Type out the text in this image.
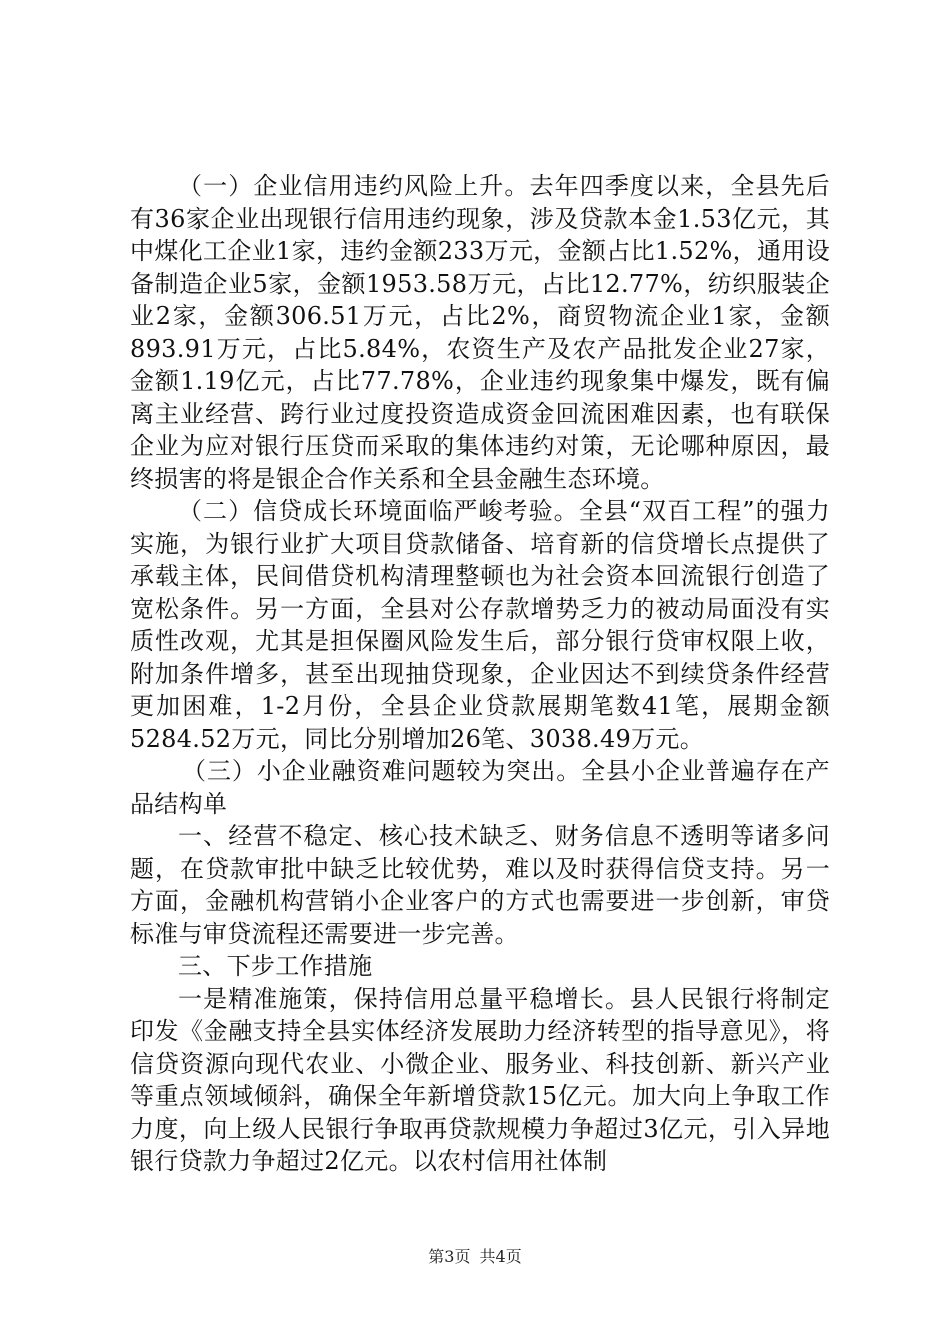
（一）企业信用违约风险上升。去年四季度以来，全县先后有36家企业出现银行信用违约现象，涉及贷款本金1.53亿元，其中煤化工企业1家，违约金额233万元，金额占比1.52%，通用设备制造企业5家，金额1953.58万元，占比12.77%，纺织服装企业2家，金额306.51万元，占比2%，商贸物流企业1家，金额893.91万元，占比5.84%，农资生产及农产品批发企业27家，金额1.19亿元，占比77.78%，企业违约现象集中爆发，既有偏离主业经营、跨行业过度投资造成资金回流困难因素，也有联保企业为应对银行压贷而采取的集体违约对策，无论哪种原因，最终损害的将是银企合作关系和全县金融生态环境。

（二）信贷成长环境面临严峻考验。全县“双百工程”的强力实施，为银行业扩大项目贷款储备、培育新的信贷增长点提供了承载主体，民间借贷机构清理整顿也为社会资本回流银行创造了宽松条件。另一方面，全县对公存款增势乏力的被动局面没有实质性改观，尤其是担保圈风险发生后，部分银行贷审权限上收，附加条件增多，甚至出现抽贷现象，企业因达不到续贷条件经营更加困难，1-2月份，全县企业贷款展期笔数41笔，展期金额5284.52万元，同比分别增加26笔、3038.49万元。

（三）小企业融资难问题较为突出。全县小企业普遍存在产品结构单

一、经营不稳定、核心技术缺乏、财务信息不透明等诸多问题，在贷款审批中缺乏比较优势，难以及时获得信贷支持。另一方面，金融机构营销小企业客户的方式也需要进一步创新，审贷标准与审贷流程还需要进一步完善。

三、下步工作措施

一是精准施策，保持信用总量平稳增长。县人民银行将制定印发《金融支持全县实体经济发展助力经济转型的指导意见》，将信贷资源向现代农业、小微企业、服务业、科技创新、新兴产业等重点领域倾斜，确保全年新增贷款15亿元。加大向上争取工作力度，向上级人民银行争取再贷款规模力争超过3亿元，引入异地银行贷款力争超过2亿元。以农村信用社体制

第3页 共4页
